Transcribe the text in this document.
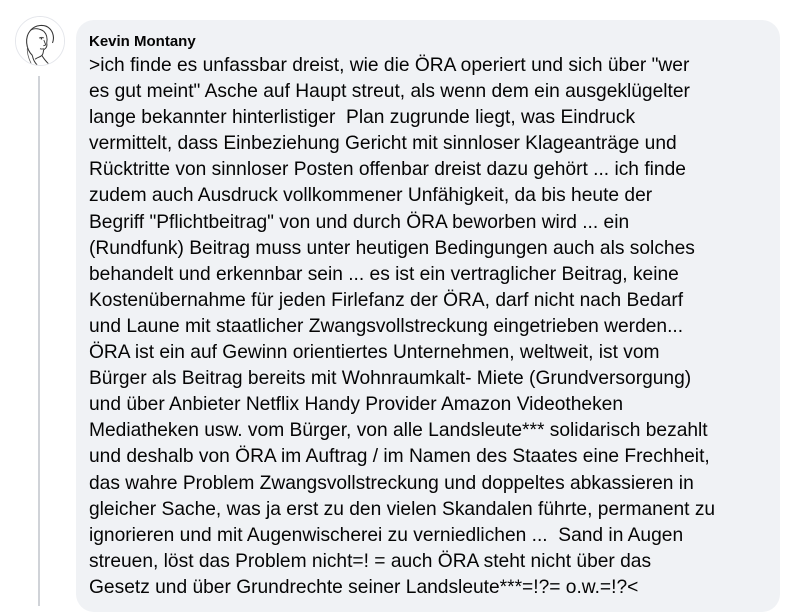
Kevin Montany
>ich finde es unfassbar dreist, wie die ÖRA operiert und sich über "wer
es gut meint" Asche auf Haupt streut, als wenn dem ein ausgeklügelter
lange bekannter hinterlistiger  Plan zugrunde liegt, was Eindruck
vermittelt, dass Einbeziehung Gericht mit sinnloser Klageanträge und
Rücktritte von sinnloser Posten offenbar dreist dazu gehört ... ich finde
zudem auch Ausdruck vollkommener Unfähigkeit, da bis heute der
Begriff "Pflichtbeitrag" von und durch ÖRA beworben wird ... ein
(Rundfunk) Beitrag muss unter heutigen Bedingungen auch als solches
behandelt und erkennbar sein ... es ist ein vertraglicher Beitrag, keine
Kostenübernahme für jeden Firlefanz der ÖRA, darf nicht nach Bedarf
und Laune mit staatlicher Zwangsvollstreckung eingetrieben werden...
ÖRA ist ein auf Gewinn orientiertes Unternehmen, weltweit, ist vom
Bürger als Beitrag bereits mit Wohnraumkalt- Miete (Grundversorgung)
und über Anbieter Netflix Handy Provider Amazon Videotheken
Mediatheken usw. vom Bürger, von alle Landsleute*** solidarisch bezahlt
und deshalb von ÖRA im Auftrag / im Namen des Staates eine Frechheit,
das wahre Problem Zwangsvollstreckung und doppeltes abkassieren in
gleicher Sache, was ja erst zu den vielen Skandalen führte, permanent zu
ignorieren und mit Augenwischerei zu verniedlichen ...  Sand in Augen
streuen, löst das Problem nicht=! = auch ÖRA steht nicht über das
Gesetz und über Grundrechte seiner Landsleute***=!?= o.w.=!?<
